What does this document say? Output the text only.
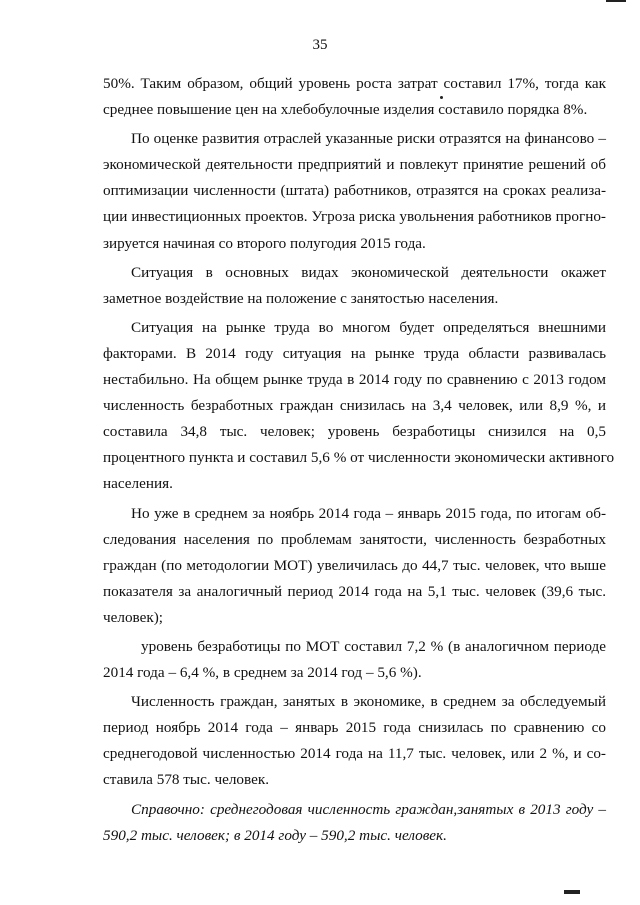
35
50%. Таким образом, общий уровень роста затрат составил 17%, тогда как
среднее повышение цен на хлебобулочные изделия составило порядка 8%.
По оценке развития отраслей указанные риски отразятся на финансово –
экономической деятельности предприятий и повлекут принятие решений об
оптимизации численности (штата) работников, отразятся на сроках реализа-
ции инвестиционных проектов. Угроза риска увольнения работников прогно-
зируется начиная со второго полугодия 2015 года.
Ситуация в основных видах экономической деятельности окажет
заметное воздействие на положение с занятостью населения.
Ситуация на рынке труда во многом будет определяться внешними
факторами. В 2014 году ситуация на рынке труда области развивалась
нестабильно. На общем рынке труда в 2014 году по сравнению с 2013 годом
численность безработных граждан снизилась на 3,4 человек, или 8,9 %, и
составила 34,8 тыс. человек; уровень безработицы снизился на 0,5
процентного пункта и составил 5,6 % от численности экономически активного
населения.
Но уже в среднем за ноябрь 2014 года – январь 2015 года, по итогам об-
следования населения по проблемам занятости, численность безработных
граждан (по методологии МОТ) увеличилась до 44,7 тыс. человек, что выше
показателя за аналогичный период 2014 года на 5,1 тыс. человек (39,6 тыс.
человек);
уровень безработицы по МОТ составил 7,2 % (в аналогичном периоде
2014 года – 6,4 %, в среднем за 2014 год – 5,6 %).
Численность граждан, занятых в экономике, в среднем за обследуемый
период ноябрь 2014 года – январь 2015 года снизилась по сравнению со
среднегодовой численностью 2014 года на 11,7 тыс. человек, или 2 %, и со-
ставила 578 тыс. человек.
Справочно: среднегодовая численность граждан,занятых в 2013 году –
590,2 тыс. человек; в 2014 году – 590,2 тыс. человек.
